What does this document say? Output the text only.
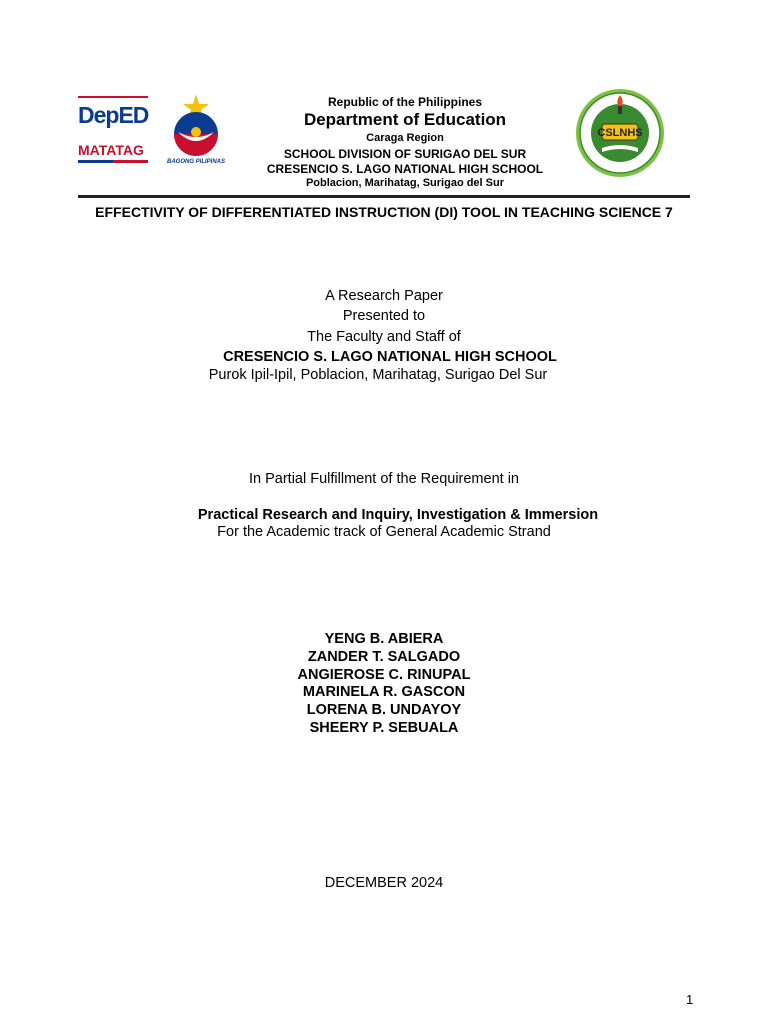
DepED
MATATAG
BAGONG PILIPINAS
Republic of the Philippines
Department of Education
Caraga Region
SCHOOL DIVISION OF SURIGAO DEL SUR
CRESENCIO S. LAGO NATIONAL HIGH SCHOOL
Poblacion, Marihatag, Surigao del Sur
CSLNHS
EFFECTIVITY OF DIFFERENTIATED INSTRUCTION (DI) TOOL IN TEACHING SCIENCE 7
A Research Paper
Presented to
The Faculty and Staff of
CRESENCIO S. LAGO NATIONAL HIGH SCHOOL
Purok Ipil-Ipil, Poblacion, Marihatag, Surigao Del Sur
In Partial Fulfillment of the Requirement in
Practical Research and Inquiry, Investigation & Immersion
For the Academic track of General Academic Strand
YENG B. ABIERA
ZANDER T. SALGADO
ANGIEROSE C. RINUPAL
MARINELA R. GASCON
LORENA B. UNDAYOY
SHEERY P. SEBUALA
DECEMBER 2024
1
